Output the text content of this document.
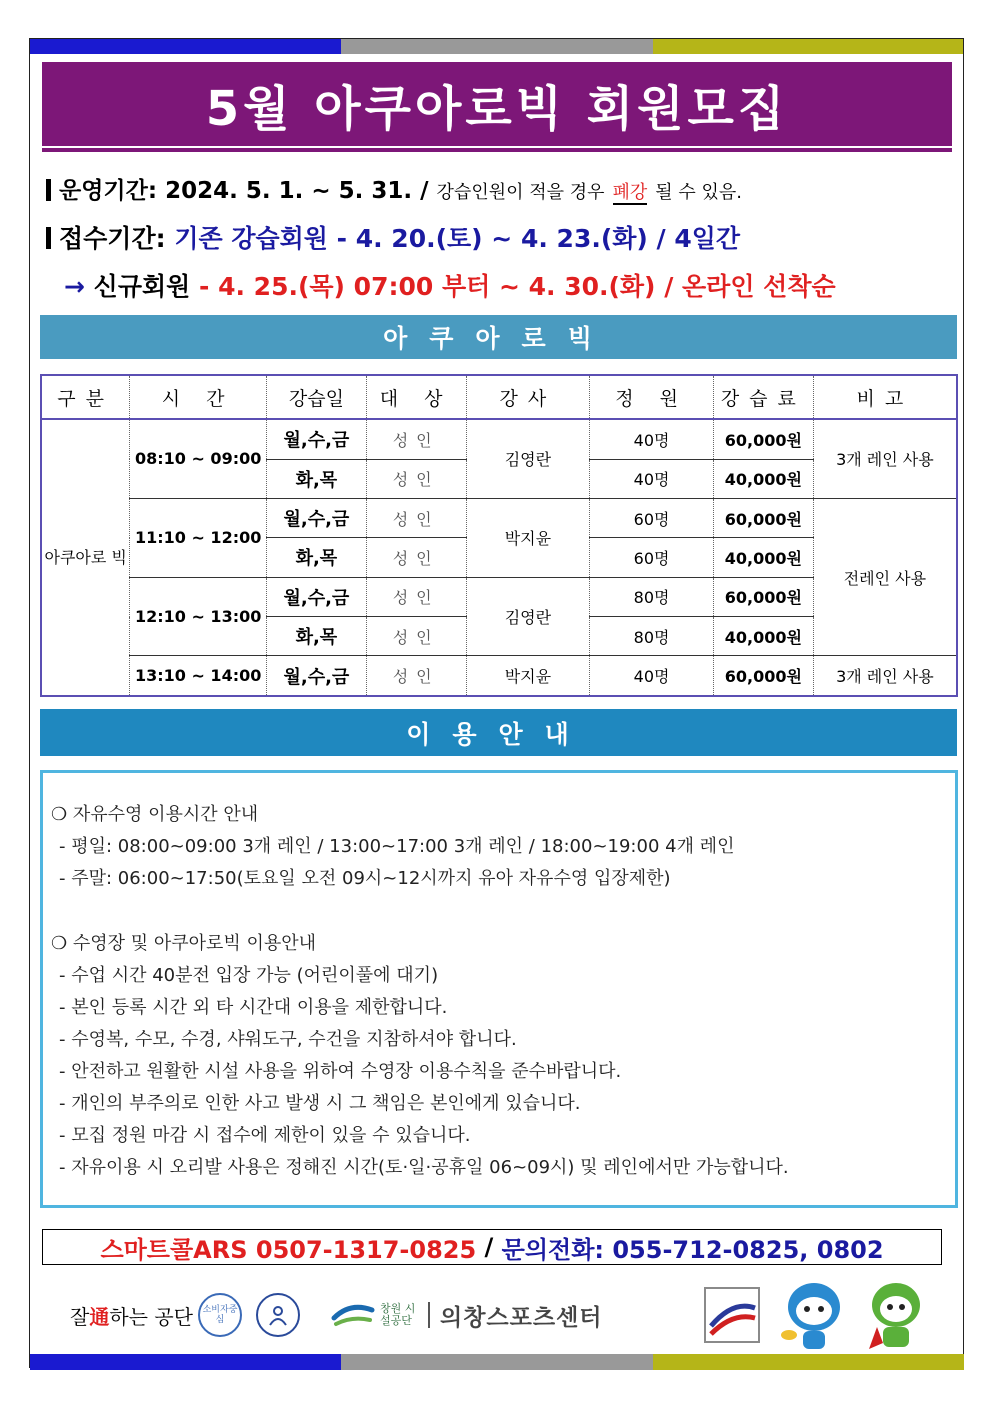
5월 아쿠아로빅 회원모집
운영기간: 2024. 5. 1. ~ 5. 31. / 강습인원이 적을 경우 폐강 될 수 있음.
접수기간: 기존 강습회원 - 4. 20.(토) ~ 4. 23.(화) / 4일간
→ 신규회원 - 4. 25.(목) 07:00 부터 ~ 4. 30.(화) / 온라인 선착순
아쿠아로빅
구분	시 간	강습일	대 상	강사	정 원	강습료	비고
아쿠아로 빅	08:10 ~ 09:00	월,수,금	성인	김영란	40명	60,000원	3개 레인 사용
		화,목	성인		40명	40,000원	
	11:10 ~ 12:00	월,수,금	성인	박지윤	60명	60,000원	전레인 사용
		화,목	성인		60명	40,000원	
	12:10 ~ 13:00	월,수,금	성인	김영란	80명	60,000원	
		화,목	성인		80명	40,000원	
	13:10 ~ 14:00	월,수,금	성인	박지윤	40명	60,000원	3개 레인 사용
이용안내

❍ 자유수영 이용시간 안내

- 평일: 08:00~09:00 3개 레인 / 13:00~17:00 3개 레인 / 18:00~19:00 4개 레인

- 주말: 06:00~17:50(토요일 오전 09시~12시까지 유아 자유수영 입장제한)

❍ 수영장 및 아쿠아로빅 이용안내

- 수업 시간 40분전 입장 가능 (어린이풀에 대기)

- 본인 등록 시간 외 타 시간대 이용을 제한합니다.

- 수영복, 수모, 수경, 샤워도구, 수건을 지참하셔야 합니다.

- 안전하고 원활한 시설 사용을 위하여 수영장 이용수칙을 준수바랍니다.

- 개인의 부주의로 인한 사고 발생 시 그 책임은 본인에게 있습니다.

- 모집 정원 마감 시 접수에 제한이 있을 수 있습니다.

- 자유이용 시 오리발 사용은 정해진 시간(토·일·공휴일 06~09시) 및 레인에서만 가능합니다.

스마트콜ARS 0507-1317-0825 / 문의전화: 055-712-0825, 0802
잘 通 하는 공단	소비자중심
창원 시설공단 의창스포츠센터
